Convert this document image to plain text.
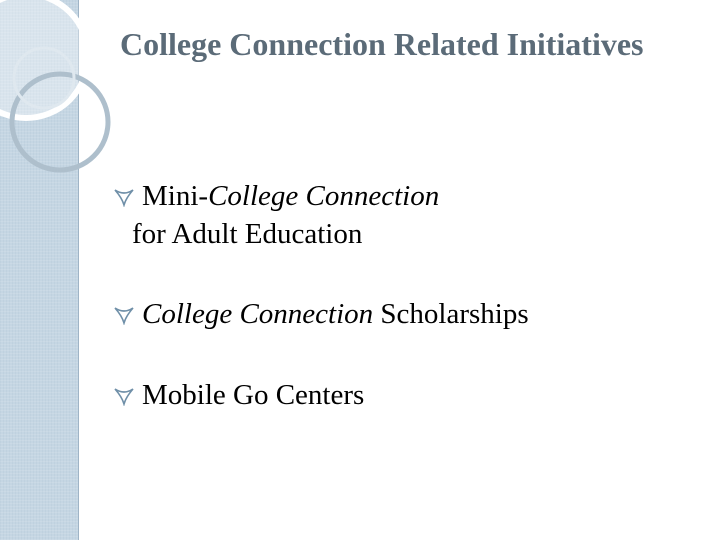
College Connection Related Initiatives
Mini-College Connection
for Adult Education
College Connection Scholarships
Mobile Go Centers
